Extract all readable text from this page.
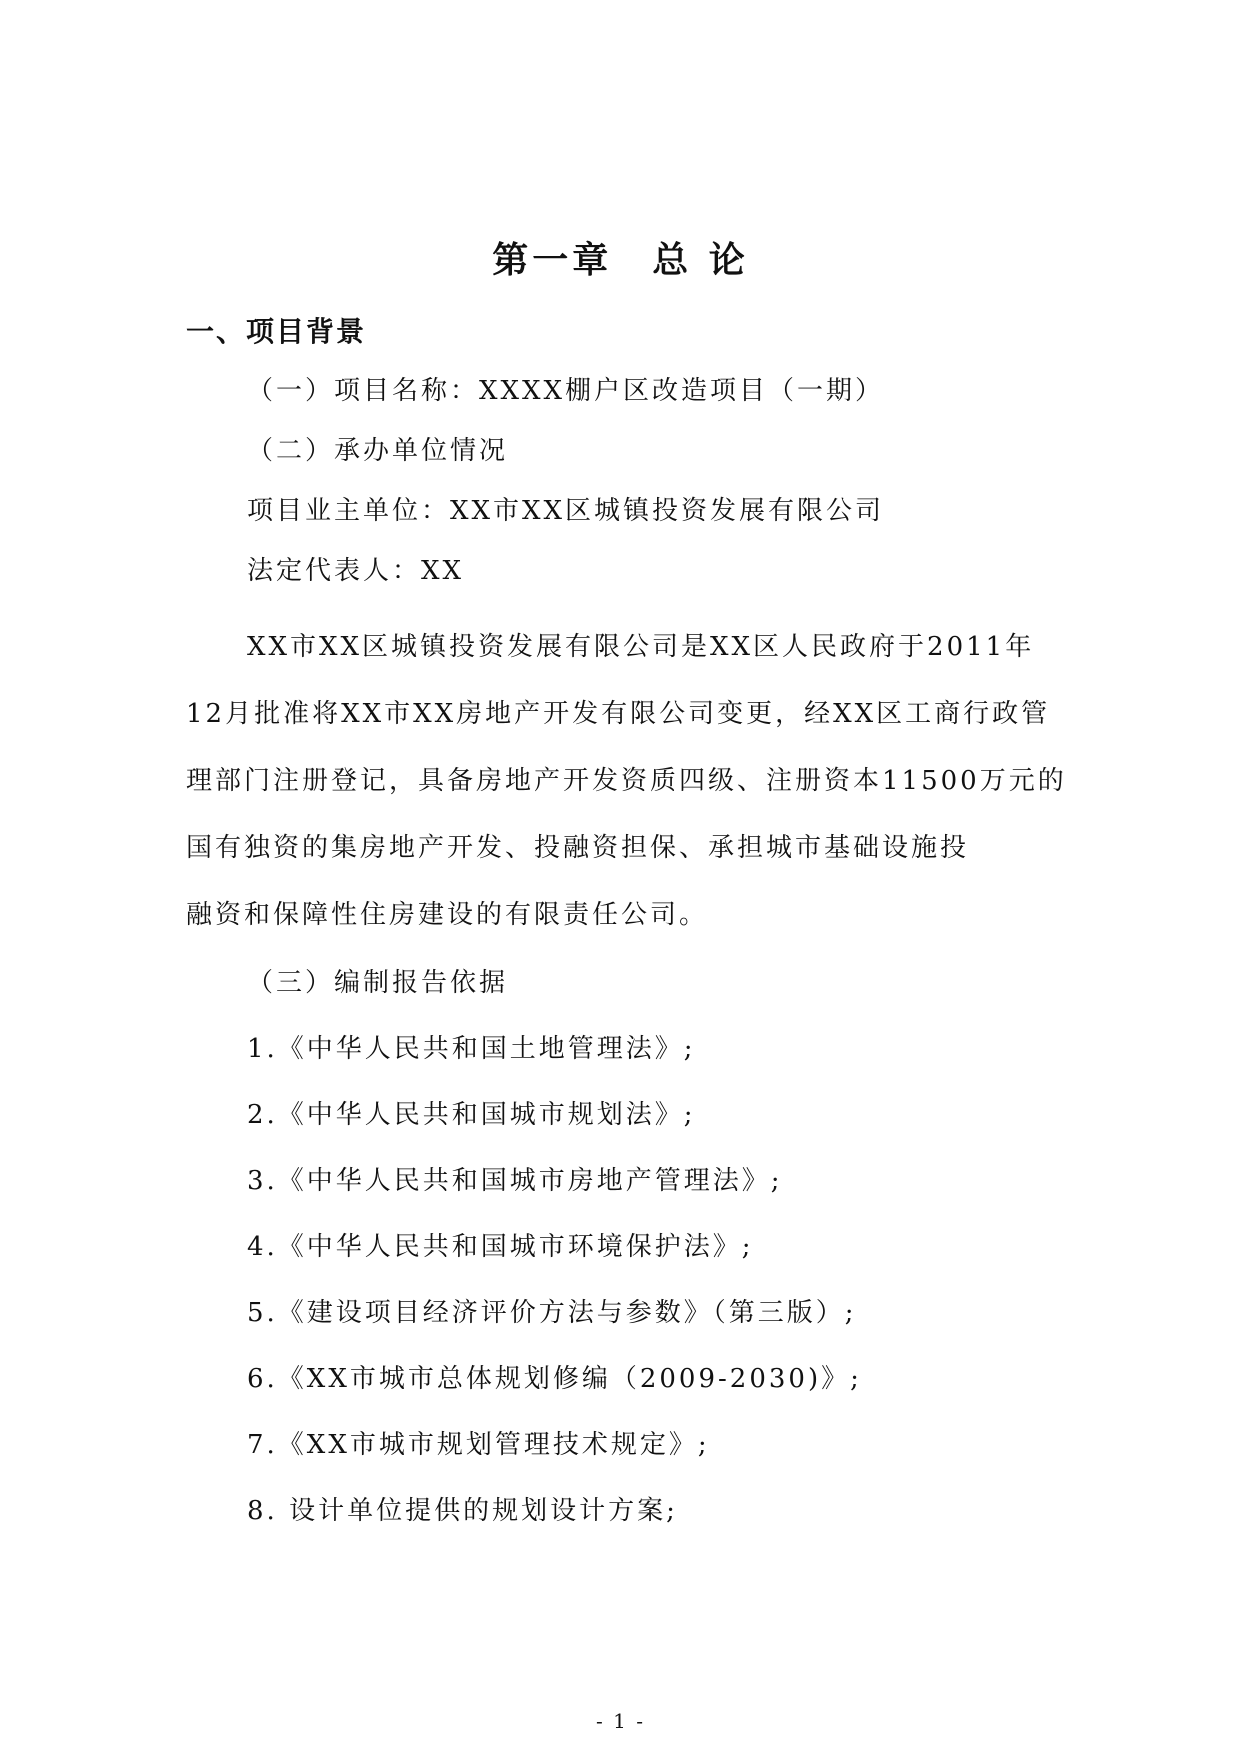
第一章　总 论
一、项目背景

（一）项目名称：XXXX棚户区改造项目（一期）

（二）承办单位情况

项目业主单位：XX市XX区城镇投资发展有限公司

法定代表人：XX

XX市XX区城镇投资发展有限公司是XX区人民政府于2011年

12月批准将XX市XX房地产开发有限公司变更，经XX区工商行政管

理部门注册登记，具备房地产开发资质四级、注册资本11500万元的

国有独资的集房地产开发、投融资担保、承担城市基础设施投

融资和保障性住房建设的有限责任公司。

（三）编制报告依据

1.《中华人民共和国土地管理法》;

2.《中华人民共和国城市规划法》;

3.《中华人民共和国城市房地产管理法》;

4.《中华人民共和国城市环境保护法》;

5.《建设项目经济评价方法与参数》（第三版）;

6.《XX市城市总体规划修编（2009-2030)》;

7.《XX市城市规划管理技术规定》;

8. 设计单位提供的规划设计方案;

- 1 -
